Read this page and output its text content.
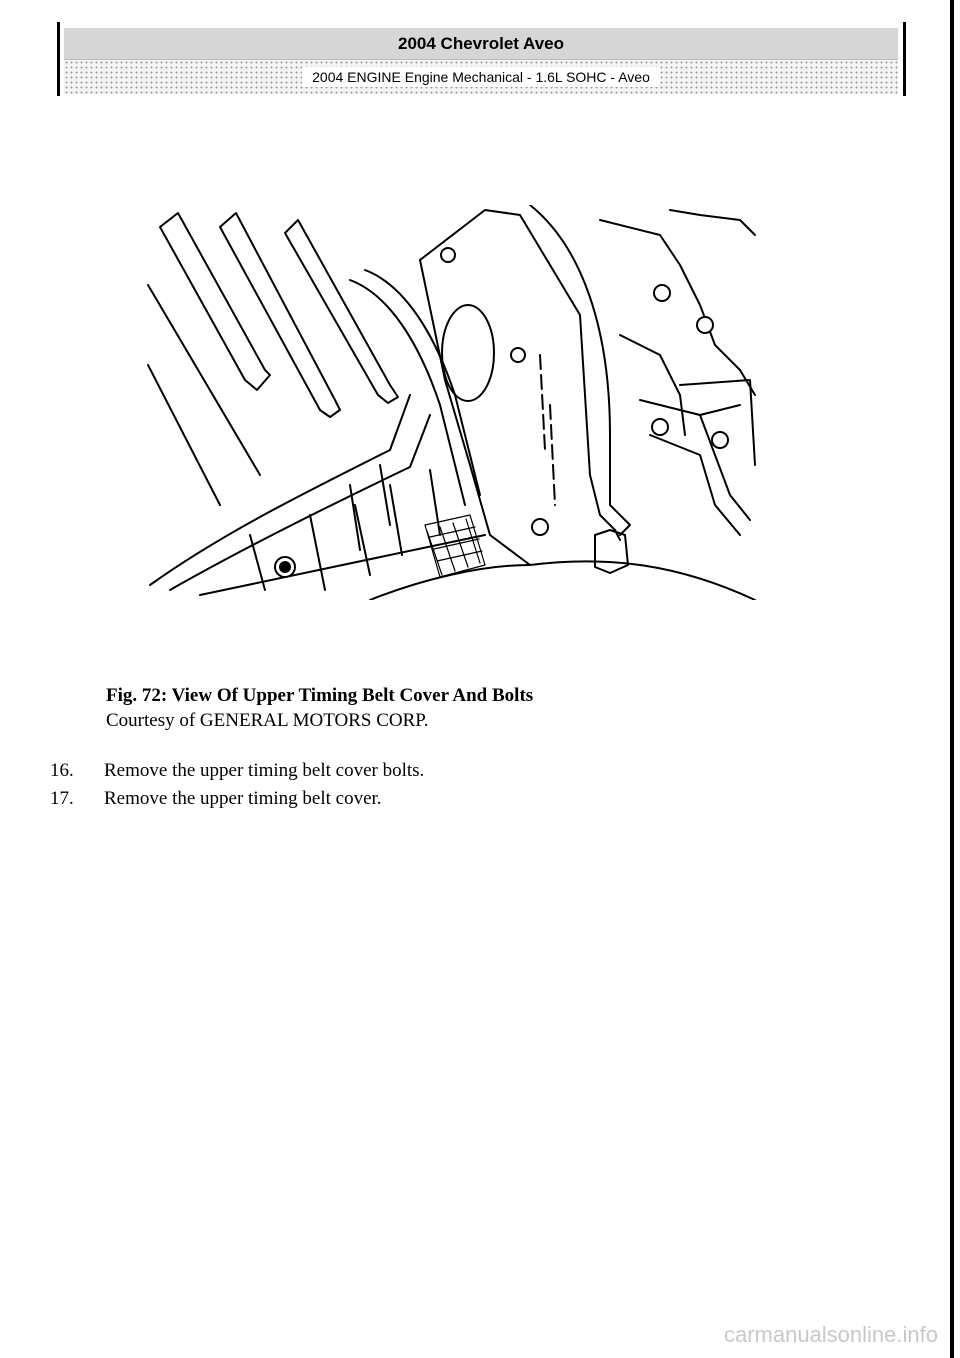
2004 Chevrolet Aveo
2004 ENGINE Engine Mechanical - 1.6L SOHC - Aveo
Fig. 72: View Of Upper Timing Belt Cover And Bolts
Courtesy of GENERAL MOTORS CORP.
16.	Remove the upper timing belt cover bolts.
17.	Remove the upper timing belt cover.
carmanualsonline.info
